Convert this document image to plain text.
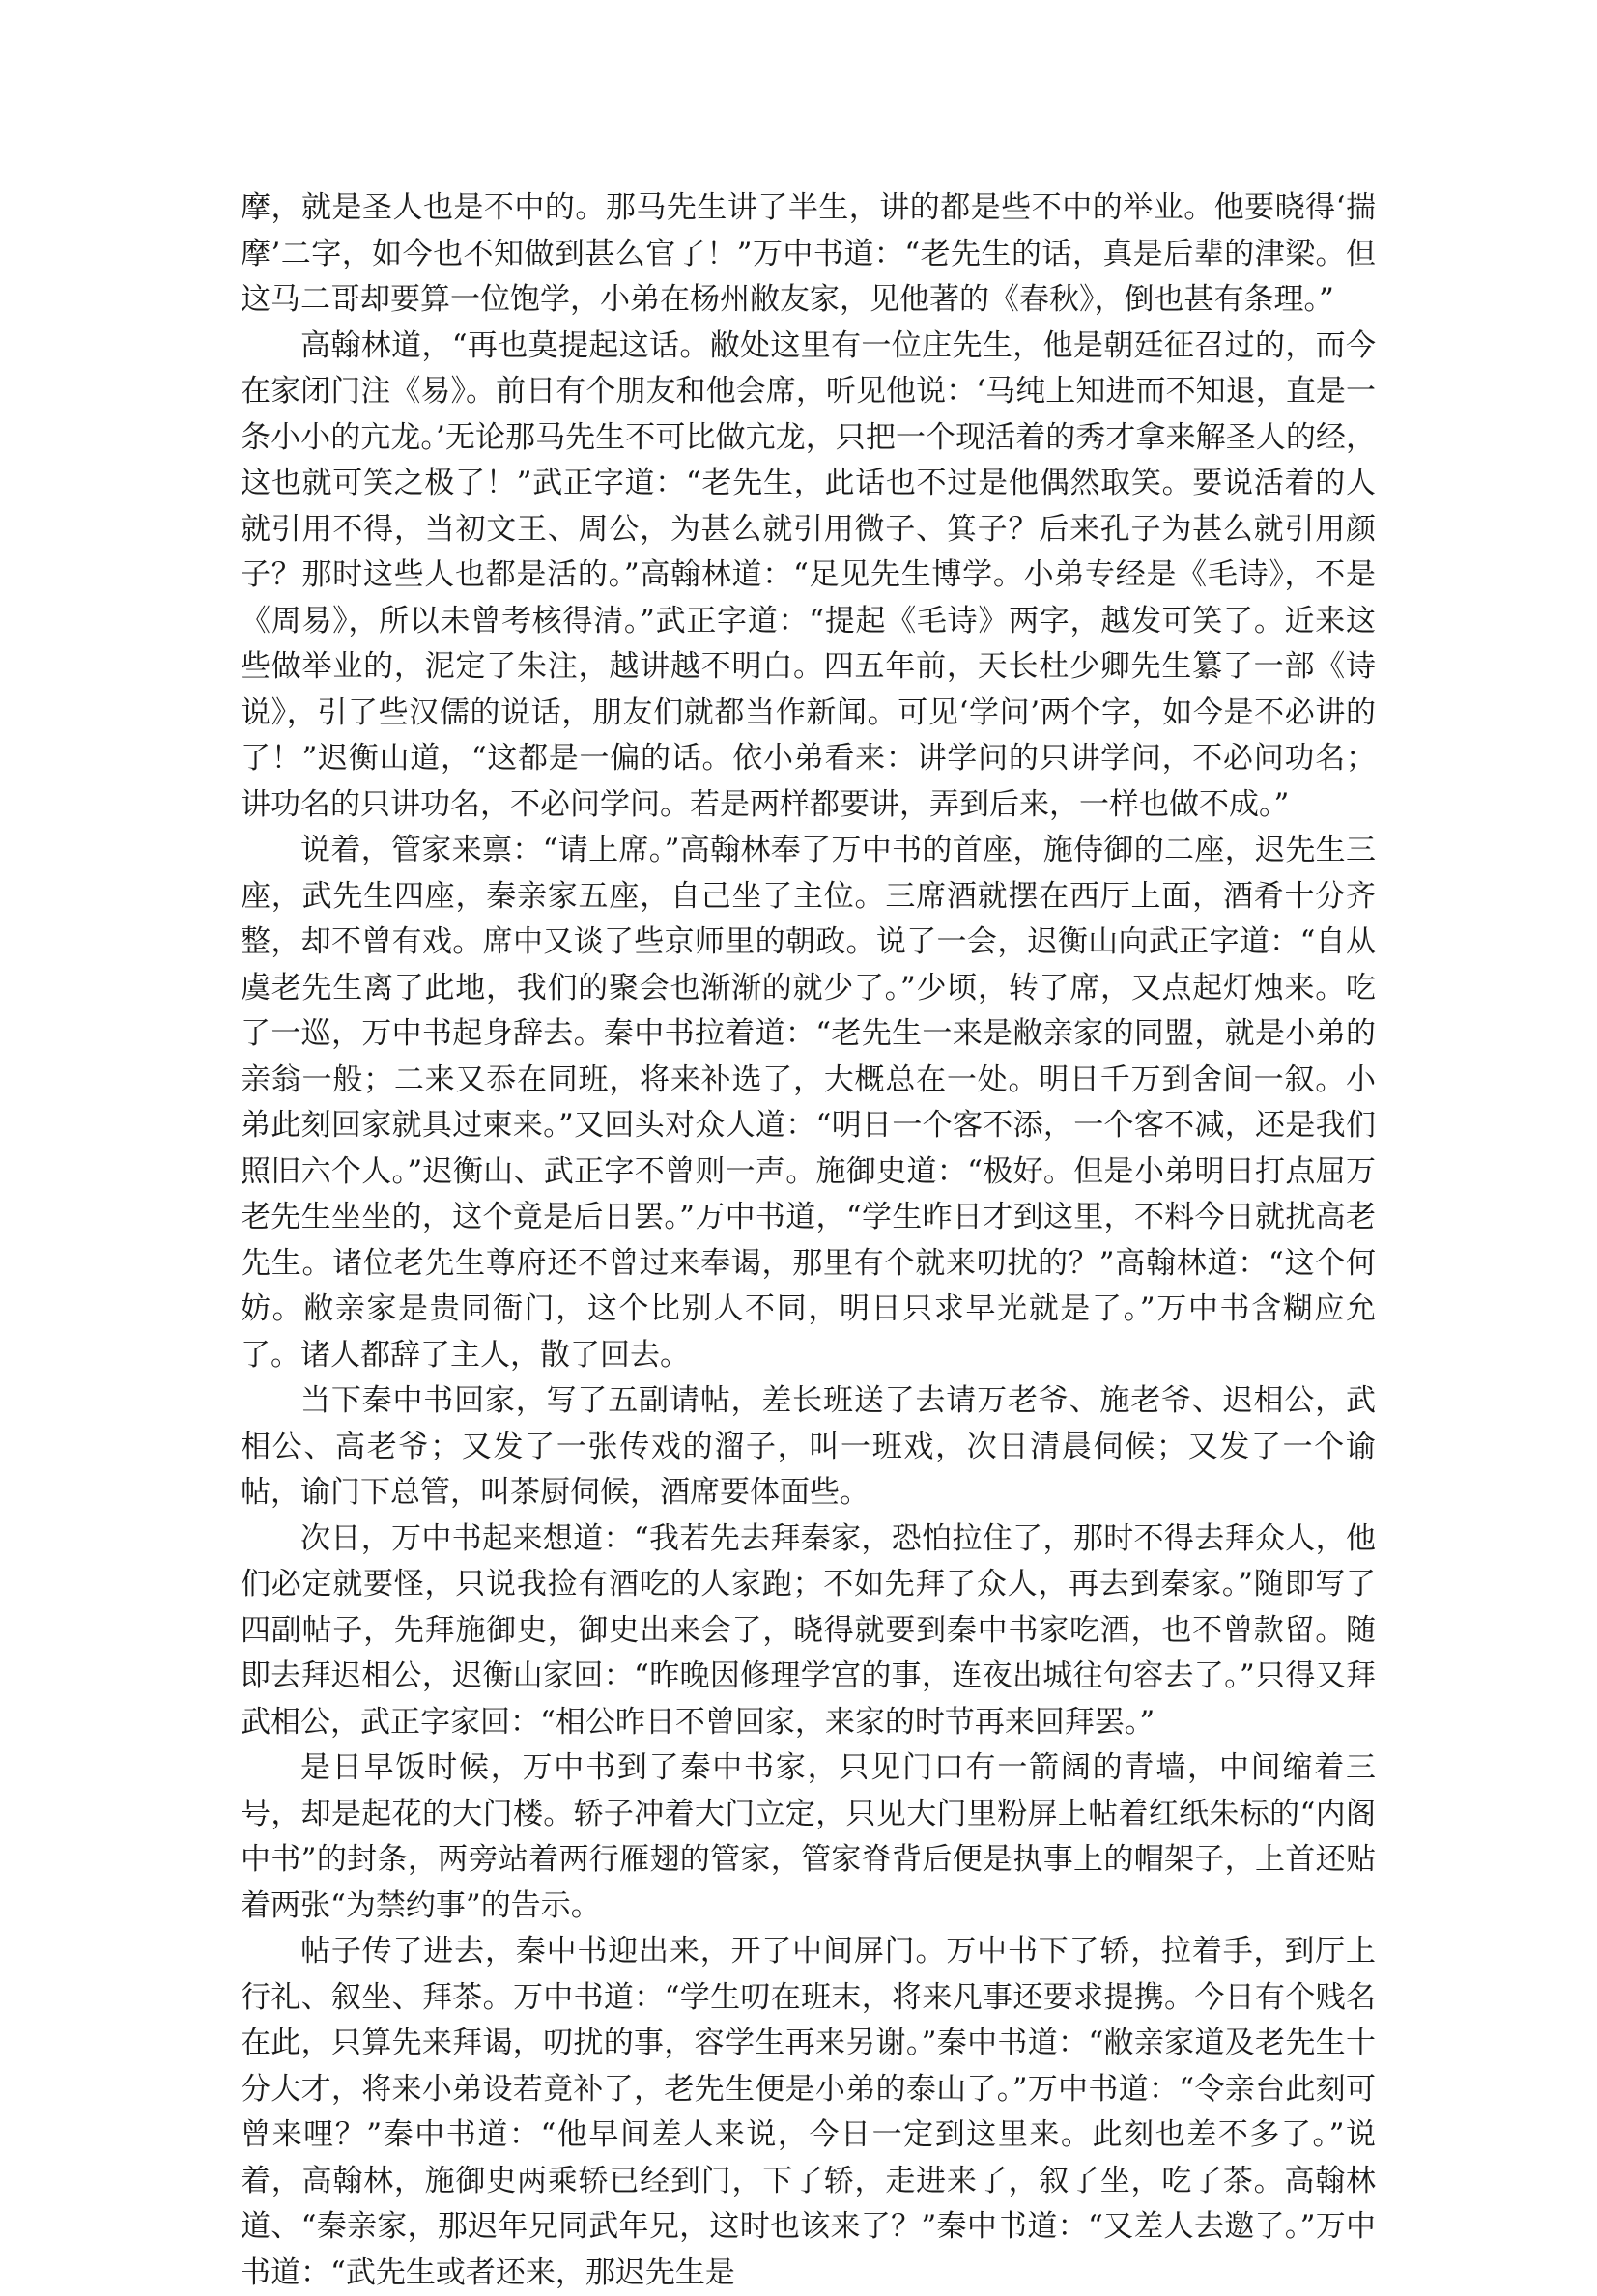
摩，就是圣人也是不中的。那马先生讲了半生，讲的都是些不中的举业。他要晓得‘揣摩’二字，如今也不知做到甚么官了！”万中书道：“老先生的话，真是后辈的津梁。但这马二哥却要算一位饱学，小弟在杨州敝友家，见他著的《春秋》，倒也甚有条理。”

高翰林道，“再也莫提起这话。敝处这里有一位庄先生，他是朝廷征召过的，而今在家闭门注《易》。前日有个朋友和他会席，听见他说：‘马纯上知进而不知退，直是一条小小的亢龙。’无论那马先生不可比做亢龙，只把一个现活着的秀才拿来解圣人的经，这也就可笑之极了！”武正字道：“老先生，此话也不过是他偶然取笑。要说活着的人就引用不得，当初文王、周公，为甚么就引用微子、箕子？后来孔子为甚么就引用颜子？那时这些人也都是活的。”高翰林道：“足见先生博学。小弟专经是《毛诗》，不是《周易》，所以未曾考核得清。”武正字道：“提起《毛诗》两字，越发可笑了。近来这些做举业的，泥定了朱注，越讲越不明白。四五年前，天长杜少卿先生纂了一部《诗说》，引了些汉儒的说话，朋友们就都当作新闻。可见‘学问’两个字，如今是不必讲的了！”迟衡山道，“这都是一偏的话。依小弟看来：讲学问的只讲学问，不必问功名；讲功名的只讲功名，不必问学问。若是两样都要讲，弄到后来，一样也做不成。”

说着，管家来禀：“请上席。”高翰林奉了万中书的首座，施侍御的二座，迟先生三座，武先生四座，秦亲家五座，自己坐了主位。三席酒就摆在西厅上面，酒肴十分齐整，却不曾有戏。席中又谈了些京师里的朝政。说了一会，迟衡山向武正字道：“自从虞老先生离了此地，我们的聚会也渐渐的就少了。”少顷，转了席，又点起灯烛来。吃了一巡，万中书起身辞去。秦中书拉着道：“老先生一来是敝亲家的同盟，就是小弟的亲翁一般；二来又忝在同班，将来补选了，大概总在一处。明日千万到舍间一叙。小弟此刻回家就具过柬来。”又回头对众人道：“明日一个客不添，一个客不减，还是我们照旧六个人。”迟衡山、武正字不曾则一声。施御史道：“极好。但是小弟明日打点屈万老先生坐坐的，这个竟是后日罢。”万中书道，“学生昨日才到这里，不料今日就扰高老先生。诸位老先生尊府还不曾过来奉谒，那里有个就来叨扰的？”高翰林道：“这个何妨。敝亲家是贵同衙门，这个比别人不同，明日只求早光就是了。”万中书含糊应允了。诸人都辞了主人，散了回去。

当下秦中书回家，写了五副请帖，差长班送了去请万老爷、施老爷、迟相公，武相公、高老爷；又发了一张传戏的溜子，叫一班戏，次日清晨伺候；又发了一个谕帖，谕门下总管，叫茶厨伺候，酒席要体面些。

次日，万中书起来想道：“我若先去拜秦家，恐怕拉住了，那时不得去拜众人，他们必定就要怪，只说我捡有酒吃的人家跑；不如先拜了众人，再去到秦家。”随即写了四副帖子，先拜施御史，御史出来会了，晓得就要到秦中书家吃酒，也不曾款留。随即去拜迟相公，迟衡山家回：“昨晚因修理学宫的事，连夜出城往句容去了。”只得又拜武相公，武正字家回：“相公昨日不曾回家，来家的时节再来回拜罢。”

是日早饭时候，万中书到了秦中书家，只见门口有一箭阔的青墙，中间缩着三号，却是起花的大门楼。轿子冲着大门立定，只见大门里粉屏上帖着红纸朱标的“内阁中书”的封条，两旁站着两行雁翅的管家，管家脊背后便是执事上的帽架子，上首还贴着两张“为禁约事”的告示。

帖子传了进去，秦中书迎出来，开了中间屏门。万中书下了轿，拉着手，到厅上行礼、叙坐、拜茶。万中书道：“学生叨在班末，将来凡事还要求提携。今日有个贱名在此，只算先来拜谒，叨扰的事，容学生再来另谢。”秦中书道：“敝亲家道及老先生十分大才，将来小弟设若竟补了，老先生便是小弟的泰山了。”万中书道：“令亲台此刻可曾来哩？”秦中书道：“他早间差人来说，今日一定到这里来。此刻也差不多了。”说着，高翰林，施御史两乘轿已经到门，下了轿，走进来了，叙了坐，吃了茶。高翰林道、“秦亲家，那迟年兄同武年兄，这时也该来了？”秦中书道：“又差人去邀了。”万中书道：“武先生或者还来，那迟先生是
